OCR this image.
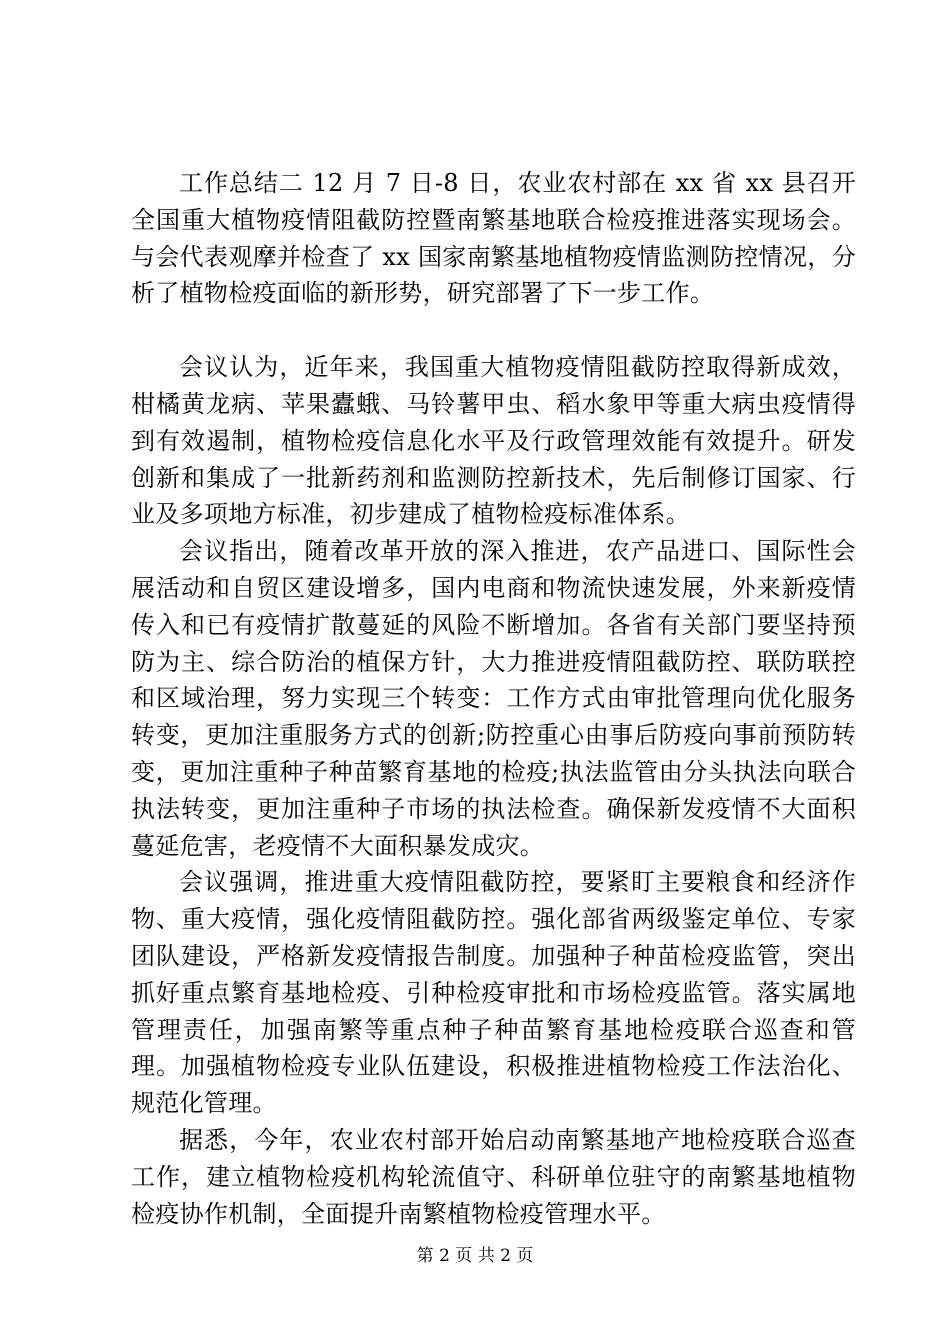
工作总结二 12 月 7 日-8 日，农业农村部在 xx 省 xx 县召开全国重大植物疫情阻截防控暨南繁基地联合检疫推进落实现场会。与会代表观摩并检查了 xx 国家南繁基地植物疫情监测防控情况，分析了植物检疫面临的新形势，研究部署了下一步工作。

会议认为，近年来，我国重大植物疫情阻截防控取得新成效，柑橘黄龙病、苹果蠹蛾、马铃薯甲虫、稻水象甲等重大病虫疫情得到有效遏制，植物检疫信息化水平及行政管理效能有效提升。研发创新和集成了一批新药剂和监测防控新技术，先后制修订国家、行业及多项地方标准，初步建成了植物检疫标准体系。

会议指出，随着改革开放的深入推进，农产品进口、国际性会展活动和自贸区建设增多，国内电商和物流快速发展，外来新疫情传入和已有疫情扩散蔓延的风险不断增加。各省有关部门要坚持预防为主、综合防治的植保方针，大力推进疫情阻截防控、联防联控和区域治理，努力实现三个转变：工作方式由审批管理向优化服务转变，更加注重服务方式的创新;防控重心由事后防疫向事前预防转变，更加注重种子种苗繁育基地的检疫;执法监管由分头执法向联合执法转变，更加注重种子市场的执法检查。确保新发疫情不大面积蔓延危害，老疫情不大面积暴发成灾。

会议强调，推进重大疫情阻截防控，要紧盯主要粮食和经济作物、重大疫情，强化疫情阻截防控。强化部省两级鉴定单位、专家团队建设，严格新发疫情报告制度。加强种子种苗检疫监管，突出抓好重点繁育基地检疫、引种检疫审批和市场检疫监管。落实属地管理责任，加强南繁等重点种子种苗繁育基地检疫联合巡查和管理。加强植物检疫专业队伍建设，积极推进植物检疫工作法治化、规范化管理。

据悉，今年，农业农村部开始启动南繁基地产地检疫联合巡查工作，建立植物检疫机构轮流值守、科研单位驻守的南繁基地植物检疫协作机制，全面提升南繁植物检疫管理水平。

第 2 页 共 2 页
